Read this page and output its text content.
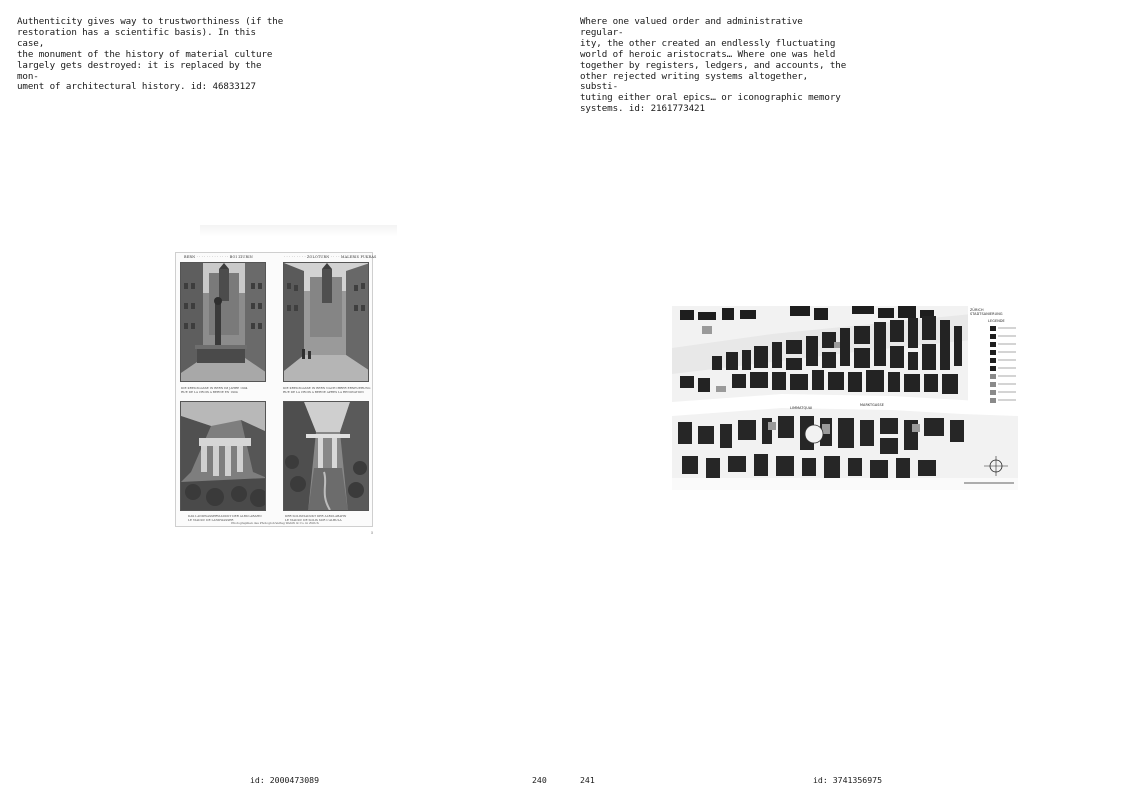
Authenticity gives way to trustworthiness (if the
restoration has a scientific basis). In this case,
the monument of the history of material culture
largely gets destroyed: it is replaced by the mon-
ument of architectural history. id: 46833127

BERN · · · · · · · · · · · · · BOI ZIURIN	· · · · · · · · · ZOLOTURN · · · · MALERIS PUKRAS
DIE KREUZGASSE IN BERN IM JAHRE 1904
RUE DE LA CROIX A BERNE EN 1904
DIE KREUZGASSE IN BERN NACH IHRER ERNEUERUNG
RUE DE LA CROIX A BERNE APRES LA RENOVATION
DAS LANDWASSERVIADUKT DER ALBULABAHN
LE VIADUC DE LANDWASSER
DER SOLISVIADUKT DER ALBULABAHN
LE VIADUC DE SOLIS SUR L'ALBULA
Photographien des Photoglob-Verlag Wehrli & Co. in Zürich
5
id: 2000473089	240

Where one valued order and administrative regular-
ity, the other created an endlessly fluctuating
world of heroic aristocrats… Where one was held
together by registers, ledgers, and accounts, the
other rejected writing systems altogether, substi-
tuting either oral epics… or iconographic memory
systems. id: 2161773421

ZÜRICH
STADTSANIERUNG
LEGENDE
LIMMATQUAI
MARKTGASSE
241	id: 3741356975
